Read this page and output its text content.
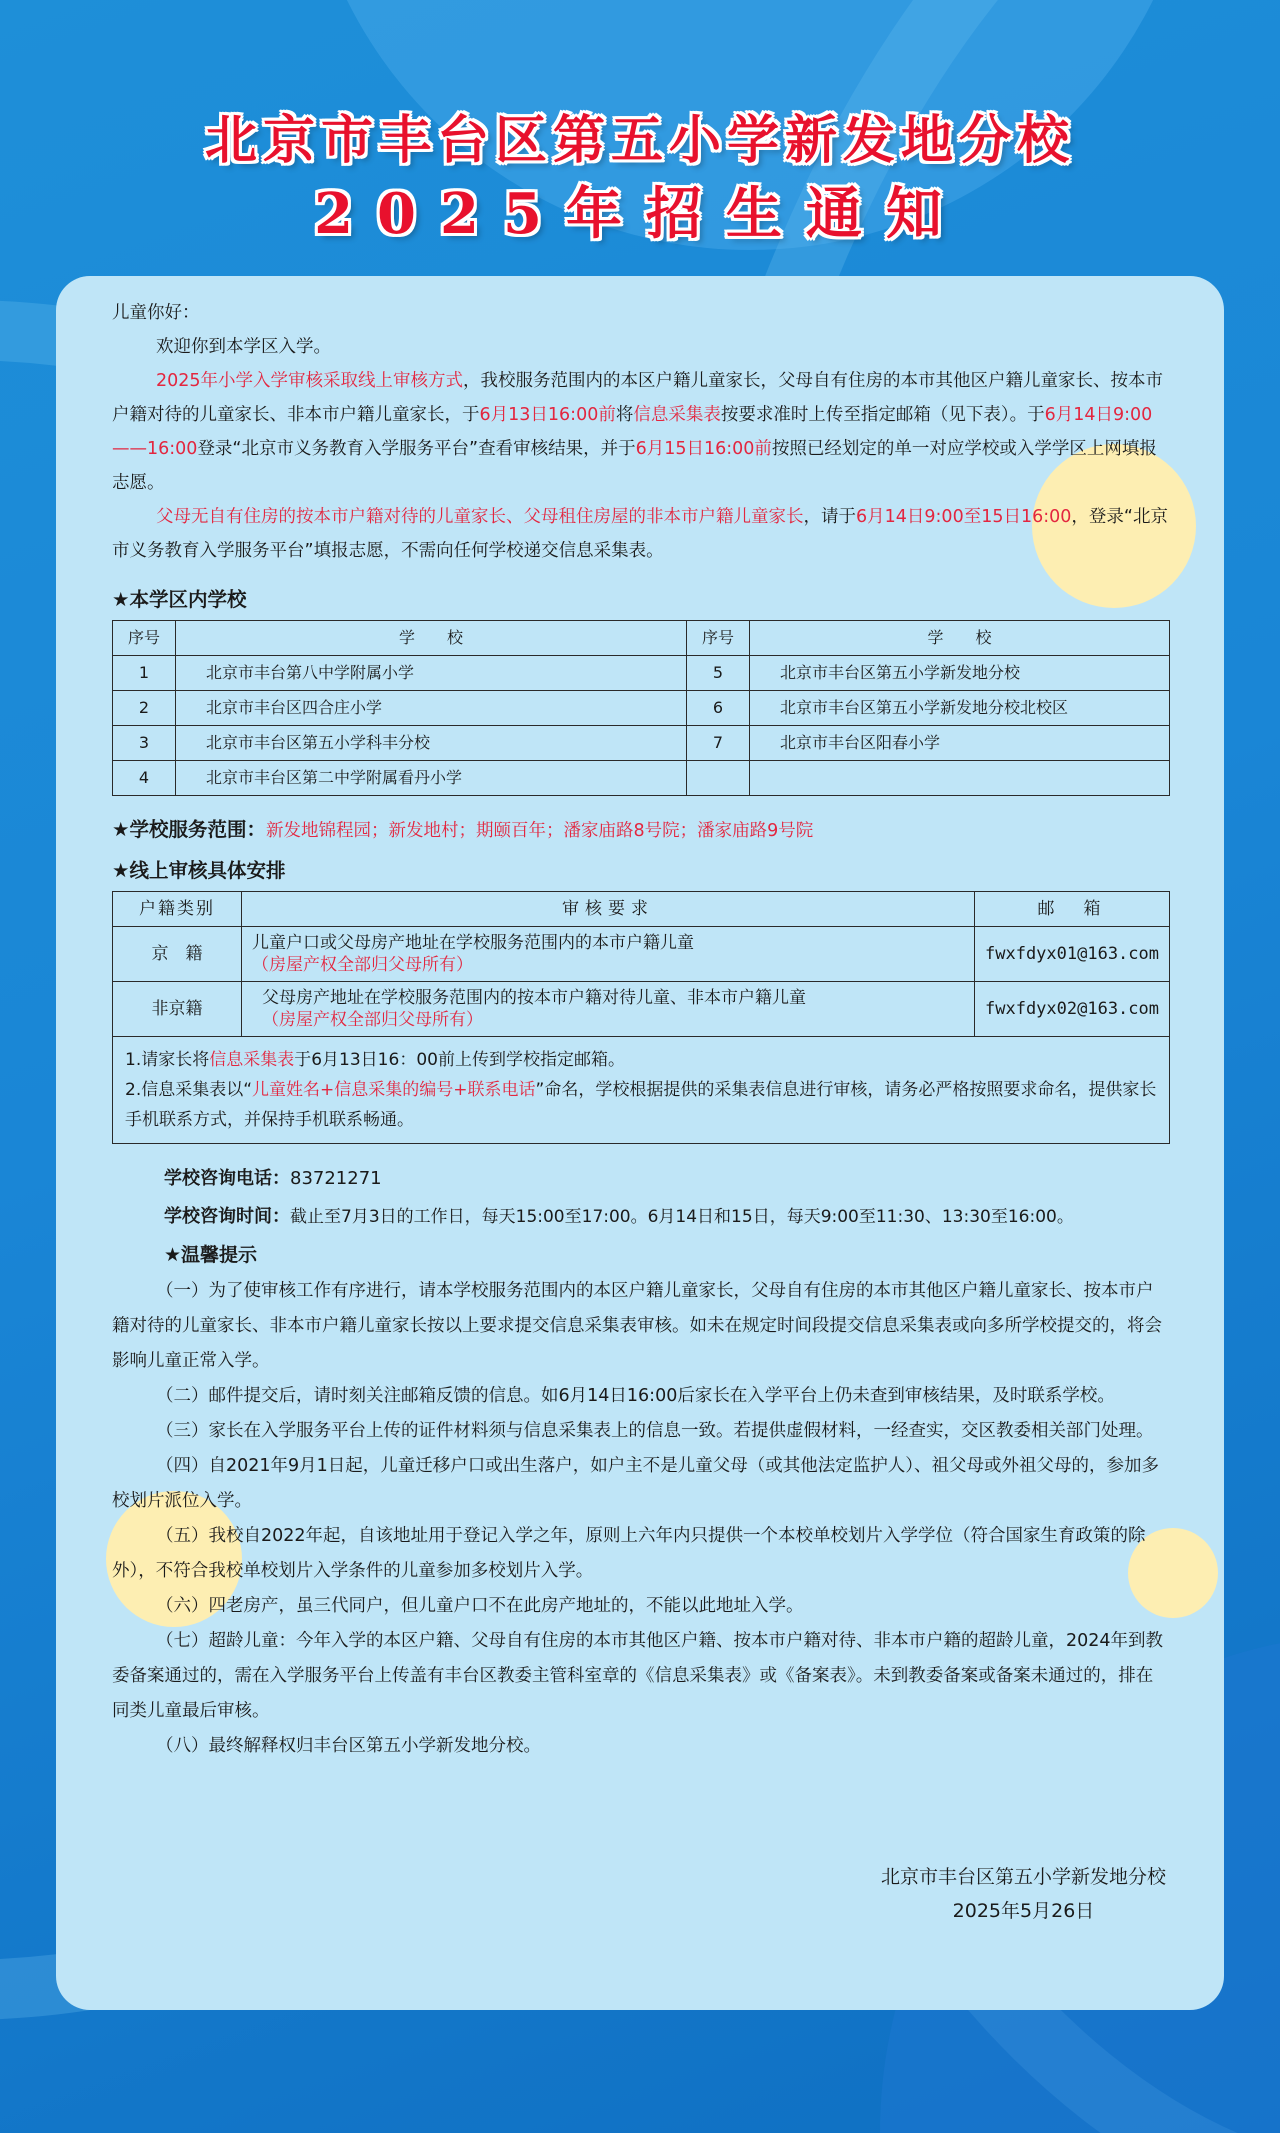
北京市丰台区第五小学新发地分校
2025年招生通知

儿童你好：

欢迎你到本学区入学。

2025年小学入学审核采取线上审核方式，我校服务范围内的本区户籍儿童家长，父母自有住房的本市其他区户籍儿童家长、按本市户籍对待的儿童家长、非本市户籍儿童家长，于6月13日16:00前将信息采集表按要求准时上传至指定邮箱（见下表）。于6月14日9:00——16:00登录“北京市义务教育入学服务平台”查看审核结果，并于6月15日16:00前按照已经划定的单一对应学校或入学学区上网填报志愿。

父母无自有住房的按本市户籍对待的儿童家长、父母租住房屋的非本市户籍儿童家长，请于6月14日9:00至15日16:00，登录“北京市义务教育入学服务平台”填报志愿，不需向任何学校递交信息采集表。

★本学区内学校

序号	学　　校	序号	学　　校
1	北京市丰台第八中学附属小学	5	北京市丰台区第五小学新发地分校
2	北京市丰台区四合庄小学	6	北京市丰台区第五小学新发地分校北校区
3	北京市丰台区第五小学科丰分校	7	北京市丰台区阳春小学
4	北京市丰台区第二中学附属看丹小学		

★学校服务范围：新发地锦程园；新发地村；期颐百年；潘家庙路8号院；潘家庙路9号院

★线上审核具体安排

户籍类别	审核要求	邮　箱
京　籍	儿童户口或父母房产地址在学校服务范围内的本市户籍儿童
（房屋产权全部归父母所有）	fwxfdyx01@163.com
非京籍	父母房产地址在学校服务范围内的按本市户籍对待儿童、非本市户籍儿童
（房屋产权全部归父母所有）	fwxfdyx02@163.com

1.请家长将信息采集表于6月13日16：00前上传到学校指定邮箱。
2.信息采集表以“儿童姓名+信息采集的编号+联系电话”命名，学校根据提供的采集表信息进行审核，请务必严格按照要求命名，提供家长手机联系方式，并保持手机联系畅通。		
学校咨询电话：83721271
学校咨询时间：截止至7月3日的工作日，每天15:00至17:00。6月14日和15日，每天9:00至11:30、13:30至16:00。
★温馨提示

（一）为了使审核工作有序进行，请本学校服务范围内的本区户籍儿童家长，父母自有住房的本市其他区户籍儿童家长、按本市户籍对待的儿童家长、非本市户籍儿童家长按以上要求提交信息采集表审核。如未在规定时间段提交信息采集表或向多所学校提交的，将会影响儿童正常入学。

（二）邮件提交后，请时刻关注邮箱反馈的信息。如6月14日16:00后家长在入学平台上仍未查到审核结果，及时联系学校。

（三）家长在入学服务平台上传的证件材料须与信息采集表上的信息一致。若提供虚假材料，一经查实，交区教委相关部门处理。

（四）自2021年9月1日起，儿童迁移户口或出生落户，如户主不是儿童父母（或其他法定监护人）、祖父母或外祖父母的，参加多校划片派位入学。

（五）我校自2022年起，自该地址用于登记入学之年，原则上六年内只提供一个本校单校划片入学学位（符合国家生育政策的除外），不符合我校单校划片入学条件的儿童参加多校划片入学。

（六）四老房产，虽三代同户，但儿童户口不在此房产地址的，不能以此地址入学。

（七）超龄儿童：今年入学的本区户籍、父母自有住房的本市其他区户籍、按本市户籍对待、非本市户籍的超龄儿童，2024年到教委备案通过的，需在入学服务平台上传盖有丰台区教委主管科室章的《信息采集表》或《备案表》。未到教委备案或备案未通过的，排在同类儿童最后审核。

（八）最终解释权归丰台区第五小学新发地分校。

北京市丰台区第五小学新发地分校
2025年5月26日
